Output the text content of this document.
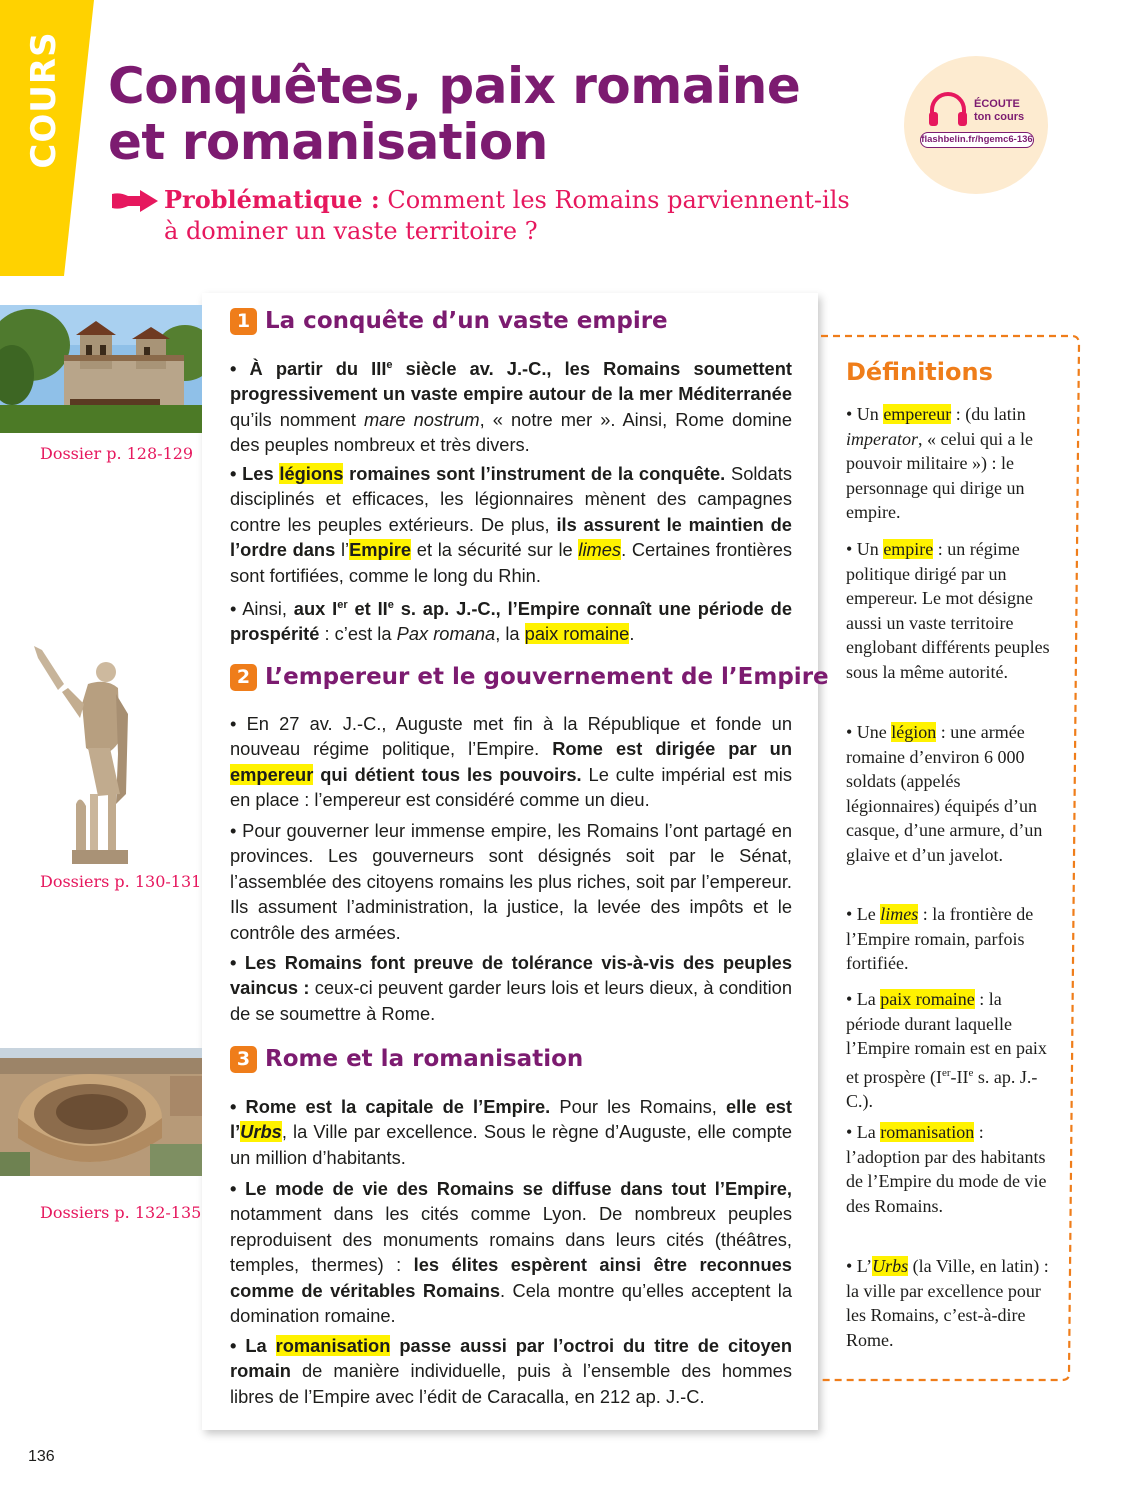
COURS Conquêtes, paix romaine
et romanisation
ÉCOUTE
ton cours
flashbelin.fr/hgemc6-136
Problématique : Comment les Romains parviennent-ils
à dominer un vaste territoire ?
Dossier p. 128-129
Dossiers p. 130-131
Dossiers p. 132-135
1 La conquête d’un vaste empire

• À partir du IIIe siècle av. J.-C., les Romains soumettent progressivement un vaste empire autour de la mer Méditerranée qu’ils nomment mare nostrum, « notre mer ». Ainsi, Rome domine des peuples nombreux et très divers.

• Les légions romaines sont l’instrument de la conquête. Soldats disciplinés et efficaces, les légionnaires mènent des campagnes contre les peuples extérieurs. De plus, ils assurent le maintien de l’ordre dans l’Empire et la sécurité sur le limes. Certaines frontières sont fortifiées, comme le long du Rhin.

• Ainsi, aux Ier et IIe s. ap. J.-C., l’Empire connaît une période de prospérité : c’est la Pax romana, la paix romaine.

2 L’empereur et le gouvernement de l’Empire

• En 27 av. J.-C., Auguste met fin à la République et fonde un nouveau régime politique, l’Empire. Rome est dirigée par un empereur qui détient tous les pouvoirs. Le culte impérial est mis en place : l’empereur est considéré comme un dieu.

• Pour gouverner leur immense empire, les Romains l’ont partagé en provinces. Les gouverneurs sont désignés soit par le Sénat, l’assemblée des citoyens romains les plus riches, soit par l’empereur. Ils assument l’administration, la justice, la levée des impôts et le contrôle des armées.

• Les Romains font preuve de tolérance vis-à-vis des peuples vaincus : ceux-ci peuvent garder leurs lois et leurs dieux, à condition de se soumettre à Rome.

3 Rome et la romanisation

• Rome est la capitale de l’Empire. Pour les Romains, elle est l’Urbs, la Ville par excellence. Sous le règne d’Auguste, elle compte un million d’habitants.

• Le mode de vie des Romains se diffuse dans tout l’Empire, notamment dans les cités comme Lyon. De nombreux peuples reproduisent des monuments romains dans leurs cités (théâtres, temples, thermes) : les élites espèrent ainsi être reconnues comme de véritables Romains. Cela montre qu’elles acceptent la domination romaine.

• La romanisation passe aussi par l’octroi du titre de citoyen romain de manière individuelle, puis à l’ensemble des hommes libres de l’Empire avec l’édit de Caracalla, en 212 ap. J.-C.

Définitions

• Un empereur : (du latin imperator, « celui qui a le pouvoir militaire ») : le personnage qui dirige un empire.

• Un empire : un régime politique dirigé par un empereur. Le mot désigne aussi un vaste territoire englobant différents peuples sous la même autorité.

• Une légion : une armée romaine d’environ 6 000 soldats (appelés légionnaires) équipés d’un casque, d’une armure, d’un glaive et d’un javelot.

• Le limes : la frontière de l’Empire romain, parfois fortifiée.

• La paix romaine : la période durant laquelle l’Empire romain est en paix et prospère (Ier-IIe s. ap. J.-C.).

• La romanisation : l’adoption par des habitants de l’Empire du mode de vie des Romains.

• L’Urbs (la Ville, en latin) : la ville par excellence pour les Romains, c’est-à-dire Rome.

136
